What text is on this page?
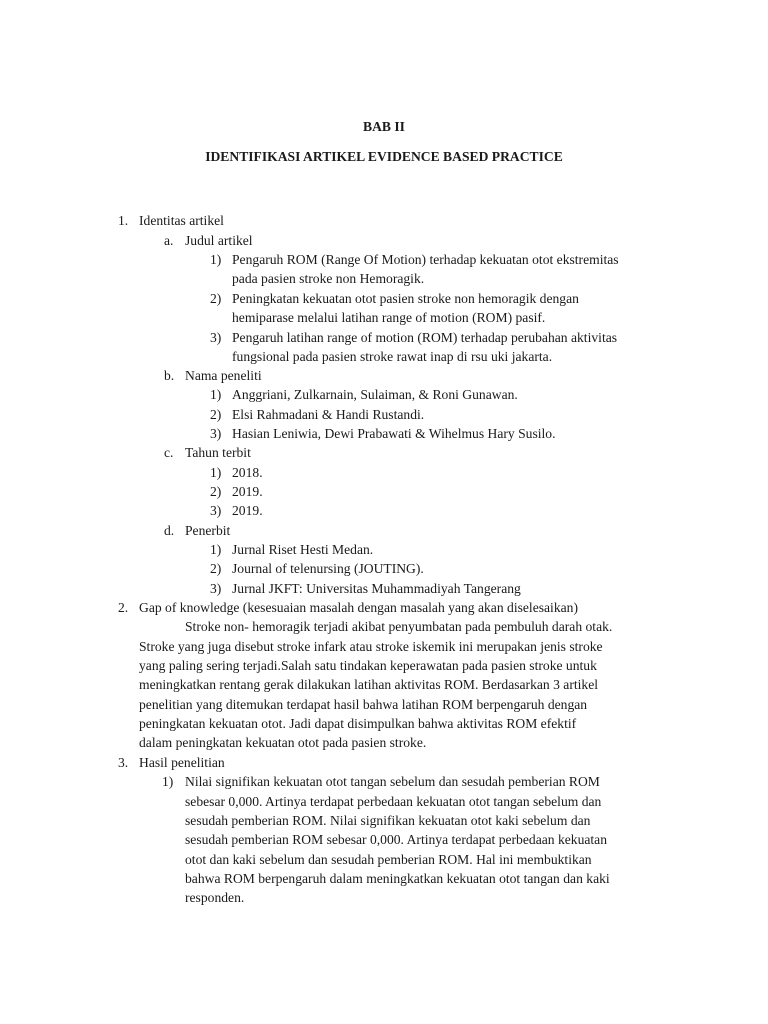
BAB II
IDENTIFIKASI ARTIKEL EVIDENCE BASED PRACTICE
1. Identitas artikel
a. Judul artikel
1) Pengaruh ROM (Range Of Motion) terhadap kekuatan otot ekstremitas
pada pasien stroke non Hemoragik.
2) Peningkatan kekuatan otot pasien stroke non hemoragik dengan
hemiparase melalui latihan range of motion (ROM) pasif.
3) Pengaruh latihan range of motion (ROM) terhadap perubahan aktivitas
fungsional pada pasien stroke rawat inap di rsu uki jakarta.
b. Nama peneliti
1) Anggriani, Zulkarnain, Sulaiman, & Roni Gunawan.
2) Elsi Rahmadani & Handi Rustandi.
3) Hasian Leniwia, Dewi Prabawati & Wihelmus Hary Susilo.
c. Tahun terbit
1) 2018.
2) 2019.
3) 2019.
d. Penerbit
1) Jurnal Riset Hesti Medan.
2) Journal of telenursing (JOUTING).
3) Jurnal JKFT: Universitas Muhammadiyah Tangerang
2. Gap of knowledge (kesesuaian masalah dengan masalah yang akan diselesaikan)
Stroke non- hemoragik terjadi akibat penyumbatan pada pembuluh darah otak.
Stroke yang juga disebut stroke infark atau stroke iskemik ini merupakan jenis stroke
yang paling sering terjadi.Salah satu tindakan keperawatan pada pasien stroke untuk
meningkatkan rentang gerak dilakukan latihan aktivitas ROM. Berdasarkan 3 artikel
penelitian yang ditemukan terdapat hasil bahwa latihan ROM berpengaruh dengan
peningkatan kekuatan otot. Jadi dapat disimpulkan bahwa aktivitas ROM efektif
dalam peningkatan kekuatan otot pada pasien stroke.
3. Hasil penelitian
1) Nilai signifikan kekuatan otot tangan sebelum dan sesudah pemberian ROM
sebesar 0,000. Artinya terdapat perbedaan kekuatan otot tangan sebelum dan
sesudah pemberian ROM. Nilai signifikan kekuatan otot kaki sebelum dan
sesudah pemberian ROM sebesar 0,000. Artinya terdapat perbedaan kekuatan
otot dan kaki sebelum dan sesudah pemberian ROM. Hal ini membuktikan
bahwa ROM berpengaruh dalam meningkatkan kekuatan otot tangan dan kaki
responden.
